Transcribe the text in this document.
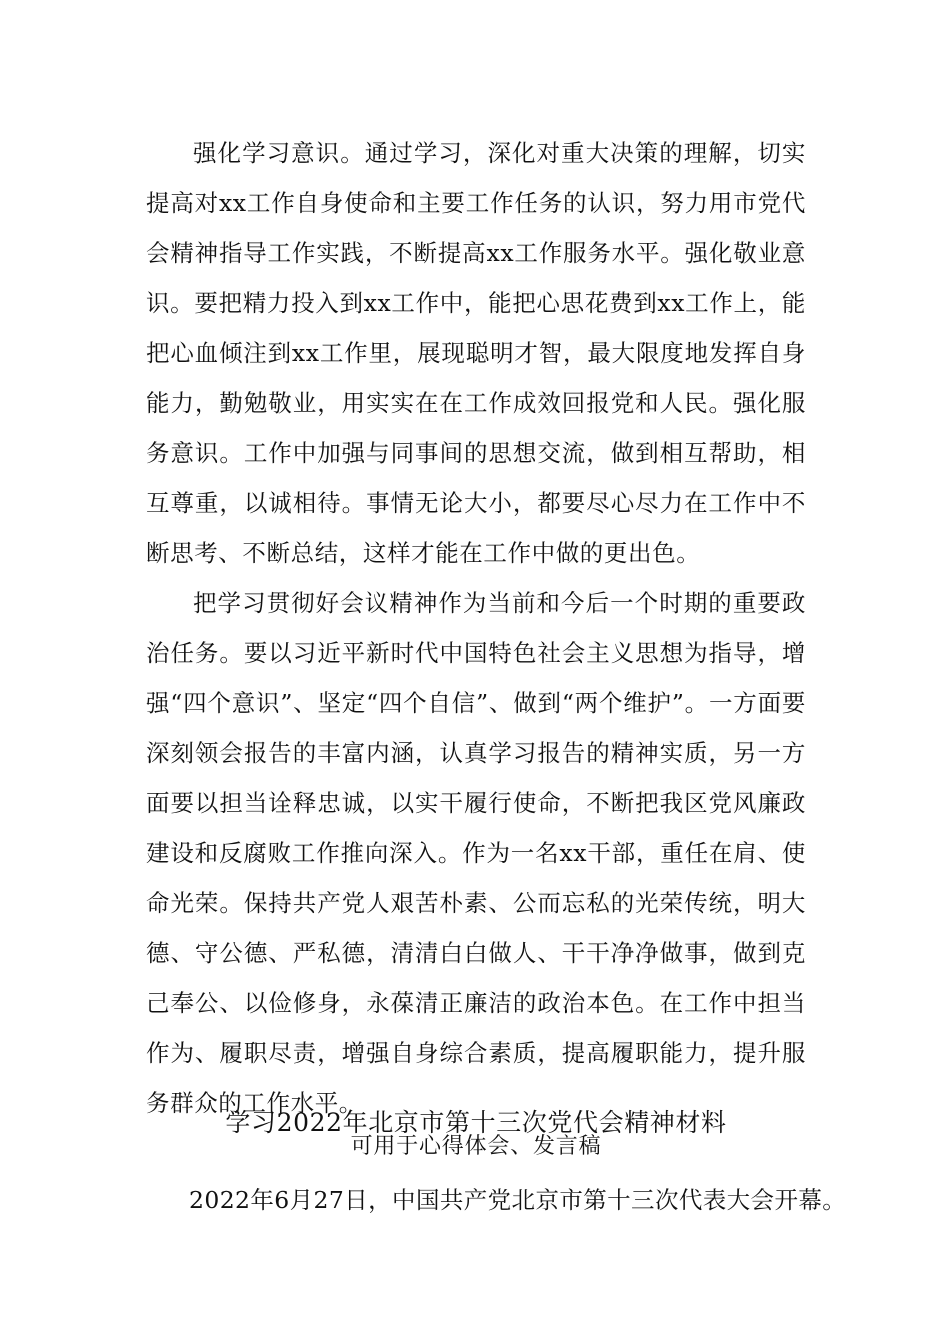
强化学习意识。通过学习，深化对重大决策的理解，切实提高对xx工作自身使命和主要工作任务的认识，努力用市党代会精神指导工作实践，不断提高xx工作服务水平。强化敬业意识。要把精力投入到xx工作中，能把心思花费到xx工作上，能把心血倾注到xx工作里，展现聪明才智，最大限度地发挥自身能力，勤勉敬业，用实实在在工作成效回报党和人民。强化服务意识。工作中加强与同事间的思想交流，做到相互帮助，相互尊重，以诚相待。事情无论大小，都要尽心尽力在工作中不断思考、不断总结，这样才能在工作中做的更出色。

把学习贯彻好会议精神作为当前和今后一个时期的重要政治任务。要以习近平新时代中国特色社会主义思想为指导，增强“四个意识”、坚定“四个自信”、做到“两个维护”。一方面要深刻领会报告的丰富内涵，认真学习报告的精神实质，另一方面要以担当诠释忠诚，以实干履行使命，不断把我区党风廉政建设和反腐败工作推向深入。作为一名xx干部，重任在肩、使命光荣。保持共产党人艰苦朴素、公而忘私的光荣传统，明大德、守公德、严私德，清清白白做人、干干净净做事，做到克己奉公、以俭修身，永葆清正廉洁的政治本色。在工作中担当作为、履职尽责，增强自身综合素质，提高履职能力，提升服务群众的工作水平。

学习2022年北京市第十三次党代会精神材料

可用于心得体会、发言稿

2022年6月27日，中国共产党北京市第十三次代表大会开幕。
